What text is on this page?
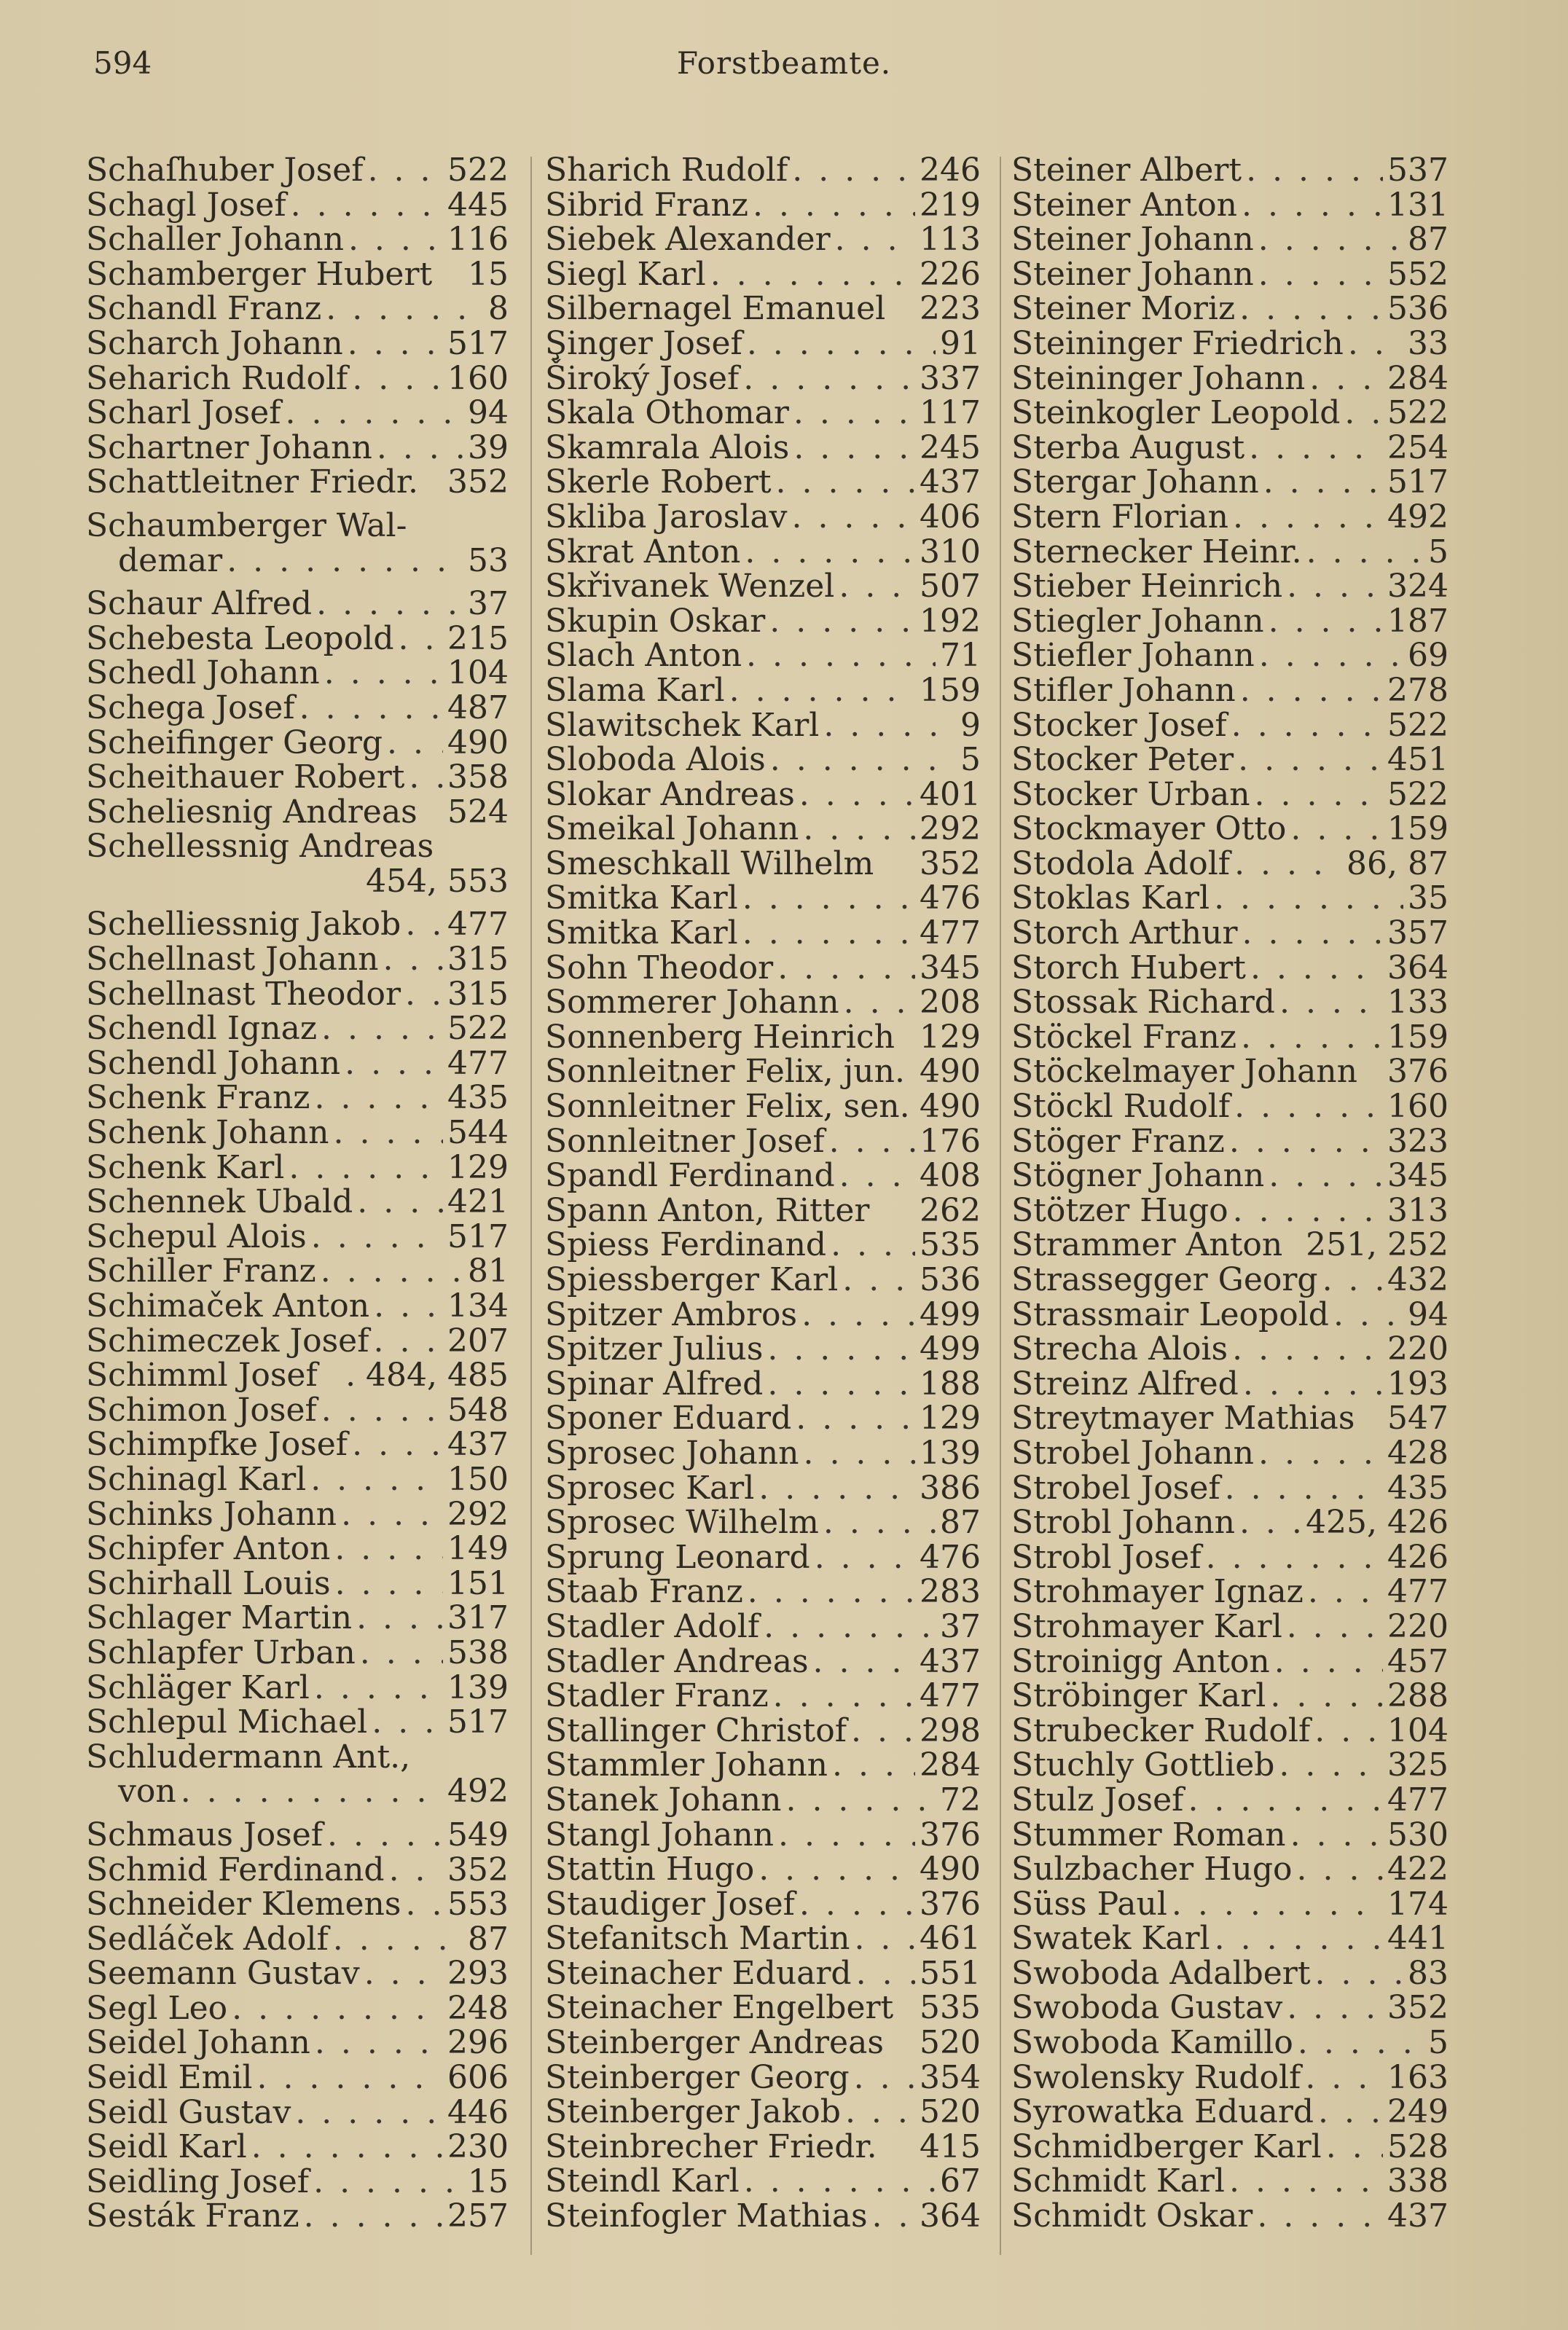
594	Forstbeamte.
Schaſhuber Josef . . .	522
Schagl Josef . . .	445
Schaller Johann . . .	116
Schamberger Hubert 15
Schandl Franz . . .	8
Scharch Johann . . .	517
Seharich Rudolf . . .	160
Scharl Josef . . .	94
Schartner Johann . . .	39
Schattleitner Friedr. 352
Schaumberger Wal-
demar . . .	53
Schaur Alfred . . .	37
Schebesta Leopold . . . 215
Schedl Johann . . .	104
Schega Josef . . .	487
Scheifinger Georg . . . 490
Scheithauer Robert . . . 358
Scheliesnig Andreas 524
Schellessnig Andreas
454, 553
Schelliessnig Jakob . . . 477
Schellnast Johann . . . 315
Schellnast Theodor . . . 315
Schendl Ignaz . . .	522
Schendl Johann . . .	477
Schenk Franz . . .	435
Schenk Johann . . .	544
Schenk Karl . . .	129
Schennek Ubald . . .	421
Schepul Alois . . .	517
Schiller Franz . . .	81
Schimaček Anton . . . 134
Schimeczek Josef . . . 207
Schimml Josef . 484, 485
Schimon Josef . . .	548
Schimpfke Josef . . .	437
Schinagl Karl . . .	150
Schinks Johann . . .	292
Schipfer Anton . . .	149
Schirhall Louis . . .	151
Schlager Martin . . .	317
Schlapfer Urban . . .	538
Schläger Karl . . .	139
Schlepul Michael . . . 517
Schludermann Ant.,
von . . .	492
Schmaus Josef . . .	549
Schmid Ferdinand . . . 352
Schneider Klemens . . . 553
Sedláček Adolf . . .	87
Seemann Gustav . . .	293
Segl Leo . . .	248
Seidel Johann . . .	296
Seidl Emil . . .	606
Seidl Gustav . . .	446
Seidl Karl . . .	230
Seidling Josef . . .	15
Sesták Franz . . .	257
Sharich Rudolf . . .	246
Sibrid Franz . . .	219
Siebek Alexander . . .	113
Siegl Karl . . .	226
Silbernagel Emanuel 223
Şinger Josef . . .	91
Široký Josef . . .	337
Skala Othomar . . .	117
Skamrala Alois . . .	245
Skerle Robert . . .	437
Skliba Jaroslav . . .	406
Skrat Anton . . .	310
Skřivanek Wenzel . . .	507
Skupin Oskar . . .	192
Slach Anton . . .	71
Slama Karl . . .	159
Slawitschek Karl . . .	9
Sloboda Alois . . .	5
Slokar Andreas . . .	401
Smeikal Johann . . .	292
Smeschkall Wilhelm 352
Smitka Karl . . .	476
Smitka Karl . . .	477
Sohn Theodor . . .	345
Sommerer Johann . . .	208
Sonnenberg Heinrich 129
Sonnleitner Felix, jun. 490
Sonnleitner Felix, sen. 490
Sonnleitner Josef . . .	176
Spandl Ferdinand . . .	408
Spann Anton, Ritter 262
Spiess Ferdinand . . .	535
Spiessberger Karl . . .	536
Spitzer Ambros . . .	499
Spitzer Julius . . .	499
Spinar Alfred . . .	188
Sponer Eduard . . .	129
Sprosec Johann . . .	139
Sprosec Karl . . .	386
Sprosec Wilhelm . . .	87
Sprung Leonard . . .	476
Staab Franz . . .	283
Stadler Adolf . . .	37
Stadler Andreas . . .	437
Stadler Franz . . .	477
Stallinger Christof . . . 298
Stammler Johann . . .	284
Stanek Johann . . .	72
Stangl Johann . . .	376
Stattin Hugo . . .	490
Staudiger Josef . . .	376
Stefanitsch Martin . . . 461
Steinacher Eduard . . . 551
Steinacher Engelbert 535
Steinberger Andreas 520
Steinberger Georg . . . 354
Steinberger Jakob . . . 520
Steinbrecher Friedr. 415
Steindl Karl . . .	67
Steinfogler Mathias . . . 364
Steiner Albert . . .	537
Steiner Anton . . .	131
Steiner Johann . . .	87
Steiner Johann . . .	552
Steiner Moriz . . .	536
Steininger Friedrich . . . 33
Steininger Johann . . .	284
Steinkogler Leopold . . . 522
Sterba August . . .	254
Stergar Johann . . .	517
Stern Florian . . .	492
Sternecker Heinr. . . .	5
Stieber Heinrich . . .	324
Stiegler Johann . . .	187
Stiefler Johann . . .	69
Stifler Johann . . .	278
Stocker Josef . . .	522
Stocker Peter . . .	451
Stocker Urban . . .	522
Stockmayer Otto . . .	159
Stodola Adolf . . .	86, 87
Stoklas Karl . . .	35
Storch Arthur . . .	357
Storch Hubert . . .	364
Stossak Richard . . .	133
Stöckel Franz . . .	159
Stöckelmayer Johann 376
Stöckl Rudolf . . .	160
Stöger Franz . . .	323
Stögner Johann . . .	345
Stötzer Hugo . . .	313
Strammer Anton 251, 252
Strassegger Georg . . . 432
Strassmair Leopold . . . 94
Strecha Alois . . .	220
Streinz Alfred . . .	193
Streytmayer Mathias 547
Strobel Johann . . .	428
Strobel Josef . . .	435
Strobl Johann . . . 425, 426
Strobl Josef . . .	426
Strohmayer Ignaz . . .	477
Strohmayer Karl . . .	220
Stroinigg Anton . . .	457
Ströbinger Karl . . .	288
Strubecker Rudolf . . . 104
Stuchly Gottlieb . . .	325
Stulz Josef . . .	477
Stummer Roman . . .	530
Sulzbacher Hugo . . .	422
Süss Paul . . .	174
Swatek Karl . . .	441
Swoboda Adalbert . . .	83
Swoboda Gustav . . .	352
Swoboda Kamillo . . .	5
Swolensky Rudolf . . .	163
Syrowatka Eduard . . . 249
Schmidberger Karl . . . 528
Schmidt Karl . . .	338
Schmidt Oskar . . .	437
